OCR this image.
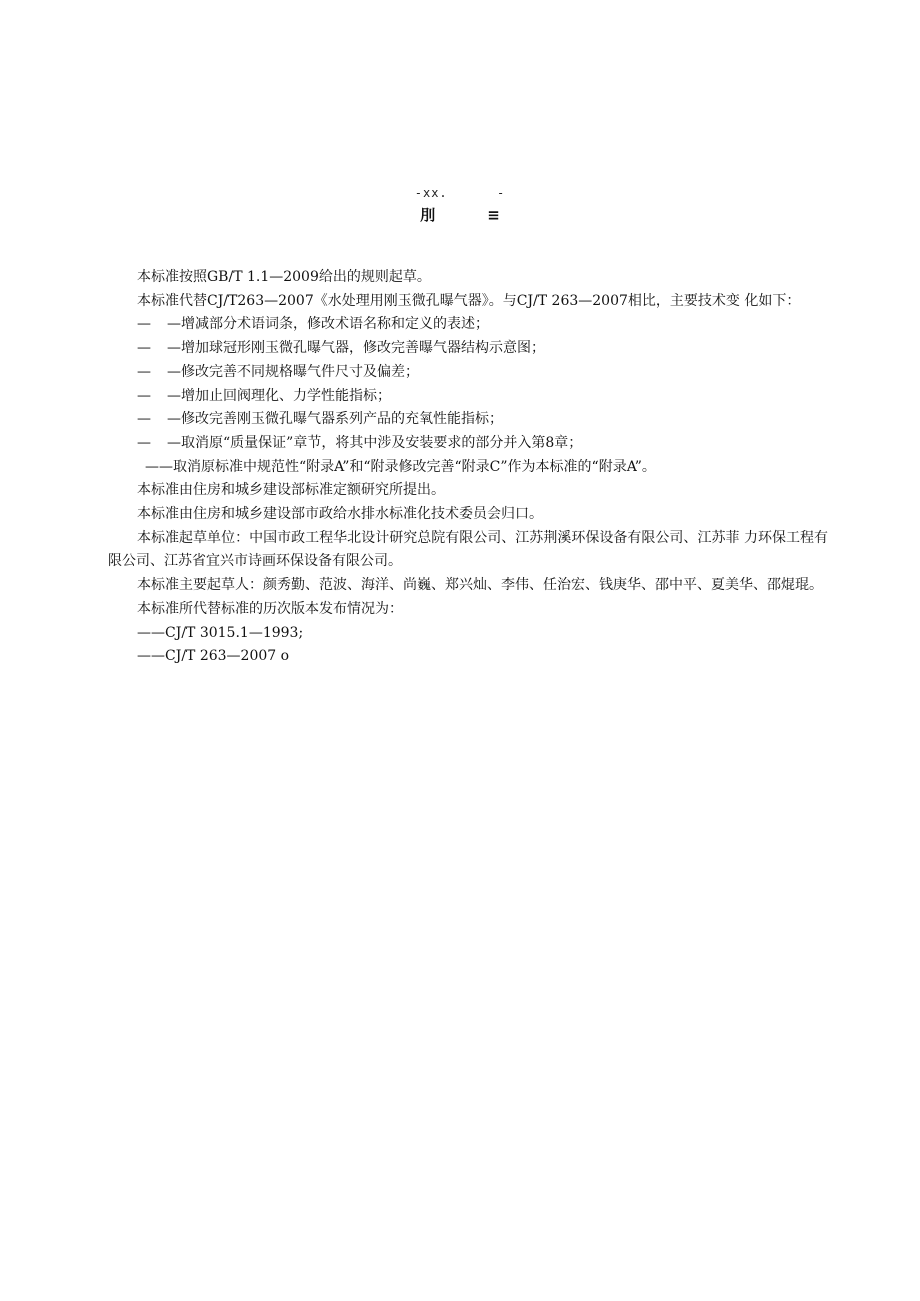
-xx.      -
刖	≡

本标准按照GB/T 1.1—2009给出的规则起草。

本标准代替CJ/T263—2007《水处理用刚玉微孔曝气器》。与CJ/T 263—2007相比，主要技术变 化如下：

— —增减部分术语词条，修改术语名称和定义的表述；

— —增加球冠形刚玉微孔曝气器，修改完善曝气器结构示意图；

— —修改完善不同规格曝气件尺寸及偏差；

— —增加止回阀理化、力学性能指标；

— —修改完善刚玉微孔曝气器系列产品的充氧性能指标；

— —取消原“质量保证”章节，将其中涉及安装要求的部分并入第8章；

——取消原标准中规范性“附录A”和“附录修改完善“附录C”作为本标准的“附录A”。

本标准由住房和城乡建设部标准定额研究所提出。

本标准由住房和城乡建设部市政给水排水标准化技术委员会归口。

本标准起草单位：中国市政工程华北设计研究总院有限公司、江苏荆溪环保设备有限公司、江苏菲 力环保工程有限公司、江苏省宜兴市诗画环保设备有限公司。

本标准主要起草人：颜秀勤、范波、海洋、尚巍、郑兴灿、李伟、任治宏、钱庚华、邵中平、夏美华、邵焜琨。

本标准所代替标准的历次版本发布情况为：

——CJ/T 3015.1—1993;

——CJ/T 263—2007 o
